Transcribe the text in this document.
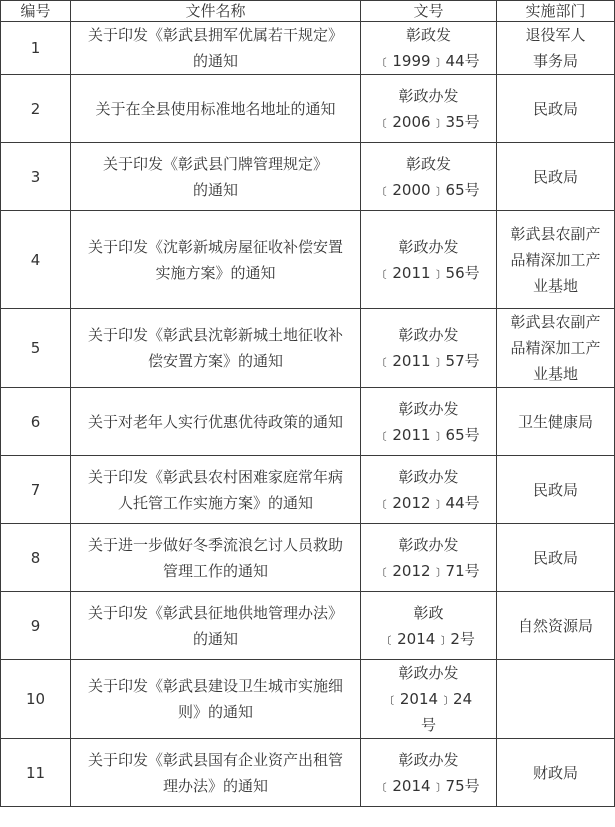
编号	文件名称	文号	实施部门
1	关于印发《彰武县拥军优属若干规定》
的通知	彰政发
﹝1999﹞44号	退役军人
事务局

2	关于在全县使用标准地名地址的通知	彰政办发
﹝2006﹞35号	民政局

3	关于印发《彰武县门牌管理规定》
的通知	彰政发
﹝2000﹞65号	民政局

4	关于印发《沈彰新城房屋征收补偿安置
实施方案》的通知	彰政办发
﹝2011﹞56号	彰武县农副产
品精深加工产
业基地

5	关于印发《彰武县沈彰新城土地征收补
偿安置方案》的通知	彰政办发
﹝2011﹞57号	彰武县农副产
品精深加工产
业基地

6	关于对老年人实行优惠优待政策的通知	彰政办发
﹝2011﹞65号	卫生健康局

7	关于印发《彰武县农村困难家庭常年病
人托管工作实施方案》的通知	彰政办发
﹝2012﹞44号	民政局

8	关于进一步做好冬季流浪乞讨人员救助
管理工作的通知	彰政办发
﹝2012﹞71号	民政局

9	关于印发《彰武县征地供地管理办法》
的通知	彰政
﹝2014﹞2号	自然资源局

10	关于印发《彰武县建设卫生城市实施细
则》的通知	彰政办发
﹝2014﹞24
号	

11	关于印发《彰武县国有企业资产出租管
理办法》的通知	彰政办发
﹝2014﹞75号	财政局
